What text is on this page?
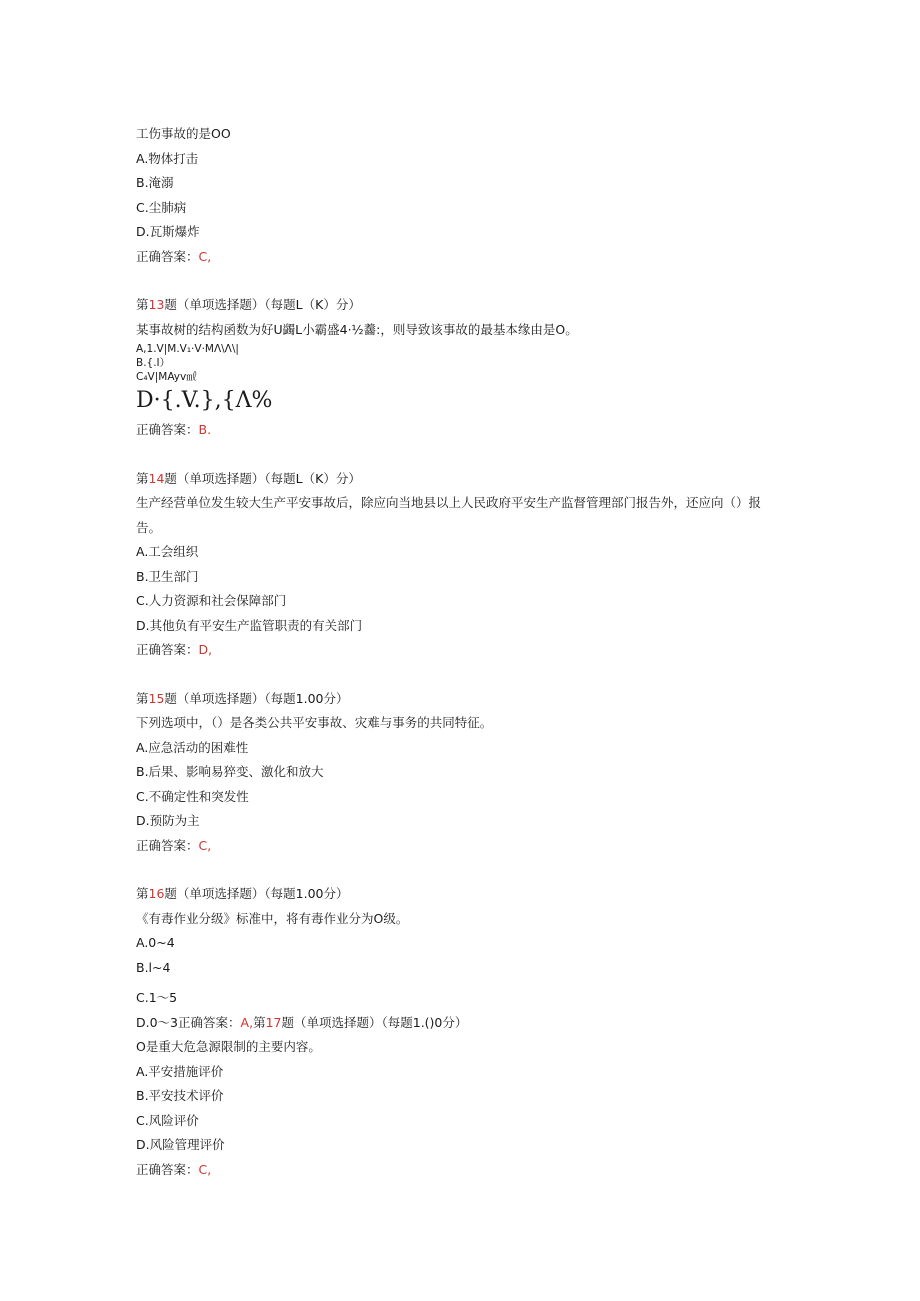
工伤事故的是OO
A.物体打击
B.淹溺
C.尘肺病
D.瓦斯爆炸
正确答案：C,
第13题（单项选择题）（每题L（K）分）
某事故树的结构函数为好U蠲L小霸盛4·½齹:，则导致该事故的最基本缘由是O。
A,1.V|M.V₁·V·MΛ\Λ\|
B.{.I）
C₄V|MAyv㎖
D·{.V.},{Λ%
正确答案：B.
第14题（单项选择题）（每题L（K）分）
生产经营单位发生较大生产平安事故后，除应向当地县以上人民政府平安生产监督管理部门报告外，还应向（）报告。
A.工会组织
B.卫生部门
C.人力资源和社会保障部门
D.其他负有平安生产监管职责的有关部门
正确答案：D,
第15题（单项选择题）（每题1.00分）
下列选项中，（）是各类公共平安事故、灾难与事务的共同特征。
A.应急活动的困难性
B.后果、影响易猝变、激化和放大
C.不确定性和突发性
D.预防为主
正确答案：C,
第16题（单项选择题）（每题1.00分）
《有毒作业分级》标准中，将有毒作业分为O级。
A.0~4
B.l~4
C.1～5
D.0～3正确答案：A,第17题（单项选择题）（每题1.()0分）
O是重大危急源限制的主要内容。
A.平安措施评价
B.平安技术评价
C.风险评价
D.风险管理评价
正确答案：C,
